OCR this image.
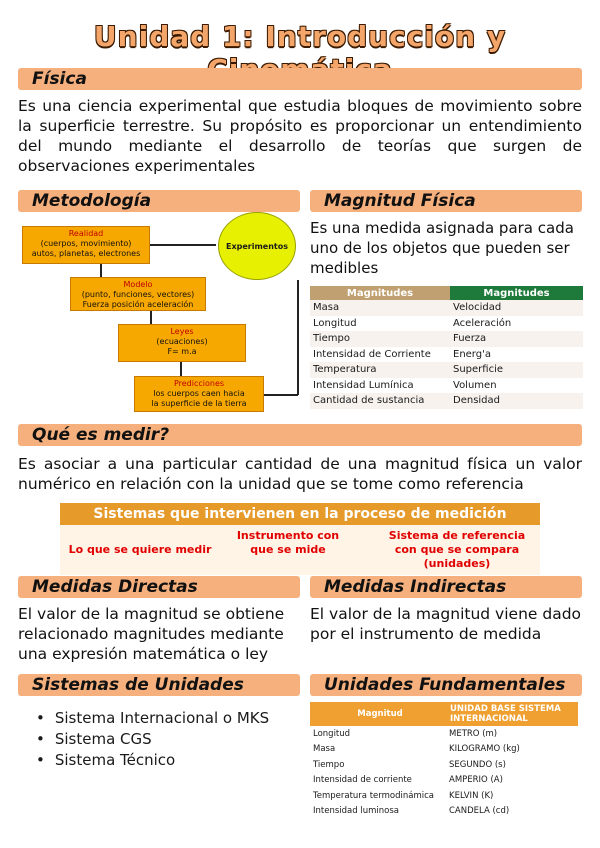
Unidad 1: Introducción y
Física
Es una ciencia experimental que estudia bloques de movimiento sobre la superficie terrestre. Su propósito es proporcionar un entendimiento del mundo mediante el desarrollo de teorías que surgen de observaciones experimentales
Metodología
Realidad
(cuerpos, movimiento)
autos, planetas, electrones
Experimentos
Modelo
(punto, funciones, vectores)
Fuerza posición aceleración
Leyes
(ecuaciones)
F= m.a
Predicciones
los cuerpos caen hacia
la superficie de la tierra
Magnitud Física
Es una medida asignada para cada uno de los objetos que pueden ser medibles
Magnitudes	Magnitudes
Masa	Velocidad
Longitud	Aceleración
Tiempo	Fuerza
Intensidad de Corriente	Energ'a
Temperatura	Superficie
Intensidad Lumínica	Volumen
Cantidad de sustancia	Densidad
Qué es medir?
Es asociar a una particular cantidad de una magnitud física un valor numérico en relación con la unidad que se tome como referencia
Sistemas que intervienen en la proceso de medición
Lo que se quiere medir
Instrumento con que se mide
Sistema de referencia con que se compara (unidades)
Medidas Directas
El valor de la magnitud se obtiene relacionado magnitudes mediante una expresión matemática o ley
Medidas Indirectas
El valor de la magnitud viene dado por el instrumento de medida
Sistemas de Unidades
• Sistema Internacional o MKS
• Sistema CGS
• Sistema Técnico
Unidades Fundamentales
Magnitud	UNIDAD BASE SISTEMA INTERNACIONAL
Longitud	METRO (m)
Masa	KILOGRAMO (kg)
Tiempo	SEGUNDO (s)
Intensidad de corriente	AMPERIO (A)
Temperatura termodinámica	KELVIN (K)
Intensidad luminosa	CANDELA (cd)
